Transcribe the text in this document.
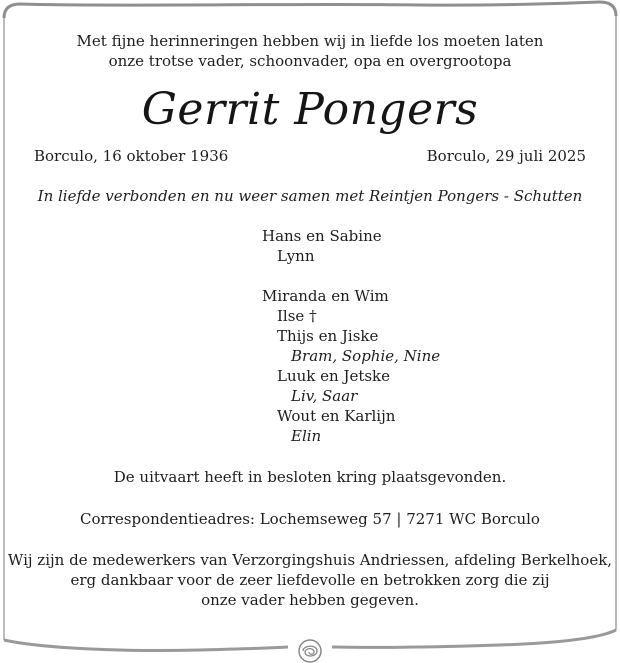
Met fijne herinneringen hebben wij in liefde los moeten laten
onze trotse vader, schoonvader, opa en overgrootopa
Gerrit Pongers
Borculo, 16 oktober 1936	Borculo, 29 juli 2025
In liefde verbonden en nu weer samen met Reintjen Pongers - Schutten
Hans en Sabine
Lynn
Miranda en Wim
Ilse †
Thijs en Jiske
Bram, Sophie, Nine
Luuk en Jetske
Liv, Saar
Wout en Karlijn
Elin
De uitvaart heeft in besloten kring plaatsgevonden.
Correspondentieadres: Lochemseweg 57 | 7271 WC Borculo
Wij zijn de medewerkers van Verzorgingshuis Andriessen, afdeling Berkelhoek,
erg dankbaar voor de zeer liefdevolle en betrokken zorg die zij
onze vader hebben gegeven.
